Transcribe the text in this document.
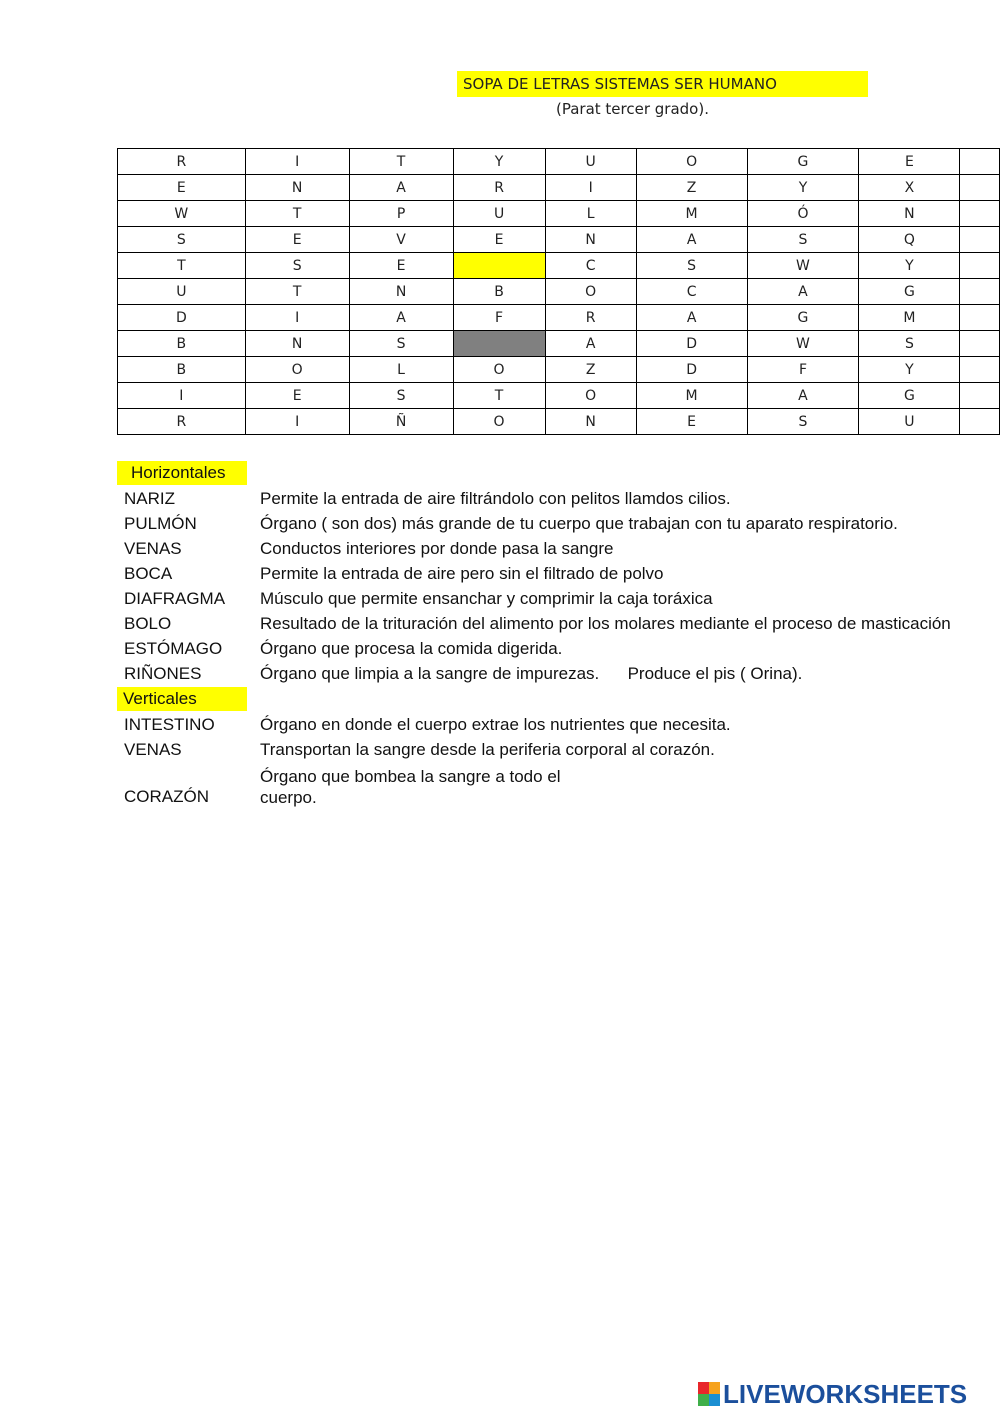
SOPA DE LETRAS SISTEMAS SER HUMANO
(Parat tercer grado).
R	I	T	Y	U	O	G	E	
E	N	A	R	I	Z	Y	X	
W	T	P	U	L	M	Ó	N	
S	E	V	E	N	A	S	Q	
T	S	E		C	S	W	Y	
U	T	N	B	O	C	A	G	
D	I	A	F	R	A	G	M	
B	N	S		A	D	W	S	
B	O	L	O	Z	D	F	Y	
I	E	S	T	O	M	A	G	
R	I	Ñ	O	N	E	S	U	
Horizontales
NARIZ	Permite la entrada de aire filtrándolo con pelitos llamdos cilios.
PULMÓN	Órgano ( son dos) más grande de tu cuerpo que trabajan con tu aparato respiratorio.
VENAS	Conductos interiores por donde pasa la sangre
BOCA	Permite la entrada de aire pero sin el filtrado de polvo
DIAFRAGMA	Músculo que permite ensanchar y comprimir la caja toráxica
BOLO	Resultado de la trituración del alimento por los molares mediante el proceso de masticación
ESTÓMAGO	Órgano que procesa la comida digerida.
RIÑONES	Órgano que limpia a la sangre de impurezas.      Produce el pis ( Orina).
Verticales
INTESTINO	Órgano en donde el cuerpo extrae los nutrientes que necesita.
VENAS	Transportan la sangre desde la periferia corporal al corazón.
CORAZÓN
Órgano que bombea la sangre a todo el cuerpo.
LIVEWORKSHEETS
